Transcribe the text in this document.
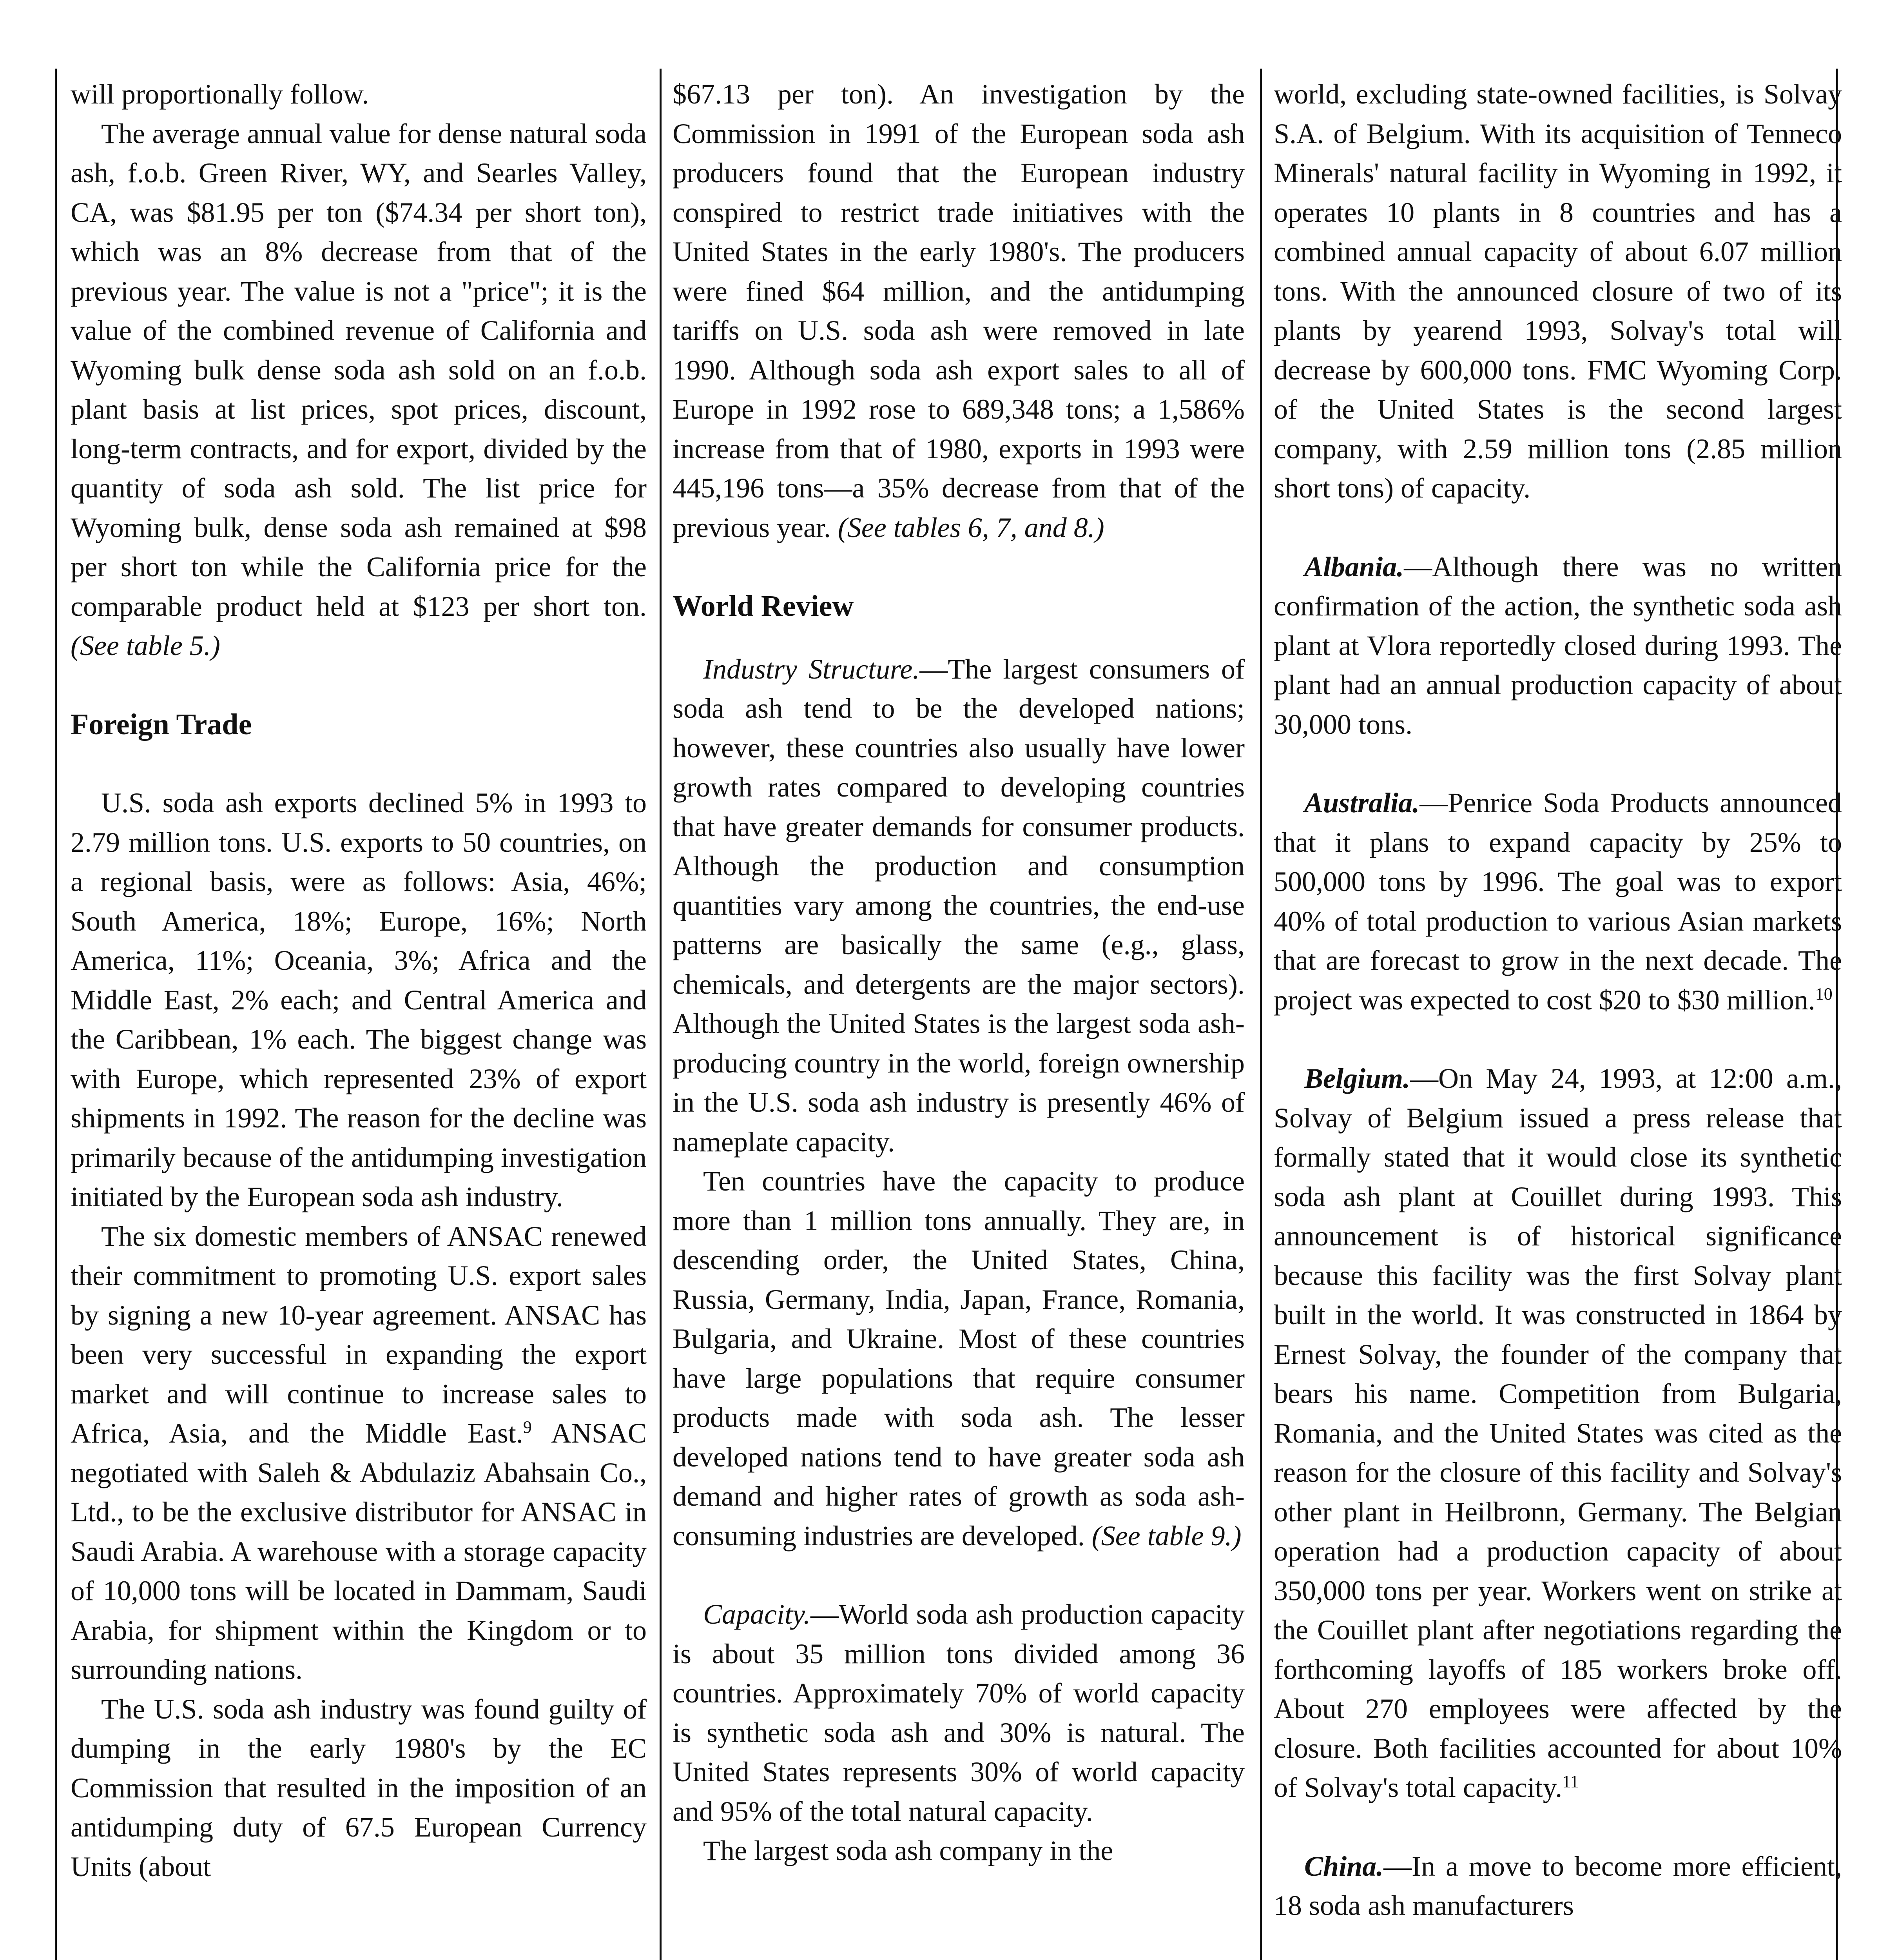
will proportionally follow.

The average annual value for dense natural soda ash, f.o.b. Green River, WY, and Searles Valley, CA, was $81.95 per ton ($74.34 per short ton), which was an 8% decrease from that of the previous year. The value is not a "price"; it is the value of the combined revenue of California and Wyoming bulk dense soda ash sold on an f.o.b. plant basis at list prices, spot prices, discount, long-term contracts, and for export, divided by the quantity of soda ash sold. The list price for Wyoming bulk, dense soda ash remained at $98 per short ton while the California price for the comparable product held at $123 per short ton. (See table 5.)

Foreign Trade

U.S. soda ash exports declined 5% in 1993 to 2.79 million tons. U.S. exports to 50 countries, on a regional basis, were as follows: Asia, 46%; South America, 18%; Europe, 16%; North America, 11%; Oceania, 3%; Africa and the Middle East, 2% each; and Central America and the Caribbean, 1% each. The biggest change was with Europe, which represented 23% of export shipments in 1992. The reason for the decline was primarily because of the antidumping investigation initiated by the European soda ash industry.

The six domestic members of ANSAC renewed their commitment to promoting U.S. export sales by signing a new 10-year agreement. ANSAC has been very successful in expanding the export market and will continue to increase sales to Africa, Asia, and the Middle East.$^9$ ANSAC negotiated with Saleh & Abdulaziz Abahsain Co., Ltd., to be the exclusive distributor for ANSAC in Saudi Arabia. A warehouse with a storage capacity of 10,000 tons will be located in Dammam, Saudi Arabia, for shipment within the Kingdom or to surrounding nations.

The U.S. soda ash industry was found guilty of dumping in the early 1980's by the EC Commission that resulted in the imposition of an antidumping duty of 67.5 European Currency Units (about

$67.13 per ton). An investigation by the Commission in 1991 of the European soda ash producers found that the European industry conspired to restrict trade initiatives with the United States in the early 1980's. The producers were fined $64 million, and the antidumping tariffs on U.S. soda ash were removed in late 1990. Although soda ash export sales to all of Europe in 1992 rose to 689,348 tons; a 1,586% increase from that of 1980, exports in 1993 were 445,196 tons—a 35% decrease from that of the previous year. (See tables 6, 7, and 8.)

World Review

Industry Structure.—The largest consumers of soda ash tend to be the developed nations; however, these countries also usually have lower growth rates compared to developing countries that have greater demands for consumer products. Although the production and consumption quantities vary among the countries, the end-use patterns are basically the same (e.g., glass, chemicals, and detergents are the major sectors). Although the United States is the largest soda ash-producing country in the world, foreign ownership in the U.S. soda ash industry is presently 46% of nameplate capacity.

Ten countries have the capacity to produce more than 1 million tons annually. They are, in descending order, the United States, China, Russia, Germany, India, Japan, France, Romania, Bulgaria, and Ukraine. Most of these countries have large populations that require consumer products made with soda ash. The lesser developed nations tend to have greater soda ash demand and higher rates of growth as soda ash-consuming industries are developed. (See table 9.)

Capacity.—World soda ash production capacity is about 35 million tons divided among 36 countries. Approximately 70% of world capacity is synthetic soda ash and 30% is natural. The United States represents 30% of world capacity and 95% of the total natural capacity.

The largest soda ash company in the

world, excluding state-owned facilities, is Solvay S.A. of Belgium. With its acquisition of Tenneco Minerals' natural facility in Wyoming in 1992, it operates 10 plants in 8 countries and has a combined annual capacity of about 6.07 million tons. With the announced closure of two of its plants by yearend 1993, Solvay's total will decrease by 600,000 tons. FMC Wyoming Corp. of the United States is the second largest company, with 2.59 million tons (2.85 million short tons) of capacity.

Albania.—Although there was no written confirmation of the action, the synthetic soda ash plant at Vlora reportedly closed during 1993. The plant had an annual production capacity of about 30,000 tons.

Australia.—Penrice Soda Products announced that it plans to expand capacity by 25% to 500,000 tons by 1996. The goal was to export 40% of total production to various Asian markets that are forecast to grow in the next decade. The project was expected to cost $20 to $30 million.$^{10}$

Belgium.—On May 24, 1993, at 12:00 a.m., Solvay of Belgium issued a press release that formally stated that it would close its synthetic soda ash plant at Couillet during 1993. This announcement is of historical significance because this facility was the first Solvay plant built in the world. It was constructed in 1864 by Ernest Solvay, the founder of the company that bears his name. Competition from Bulgaria, Romania, and the United States was cited as the reason for the closure of this facility and Solvay's other plant in Heilbronn, Germany. The Belgian operation had a production capacity of about 350,000 tons per year. Workers went on strike at the Couillet plant after negotiations regarding the forthcoming layoffs of 185 workers broke off. About 270 employees were affected by the closure. Both facilities accounted for about 10% of Solvay's total capacity.$^{11}$

China.—In a move to become more efficient, 18 soda ash manufacturers
